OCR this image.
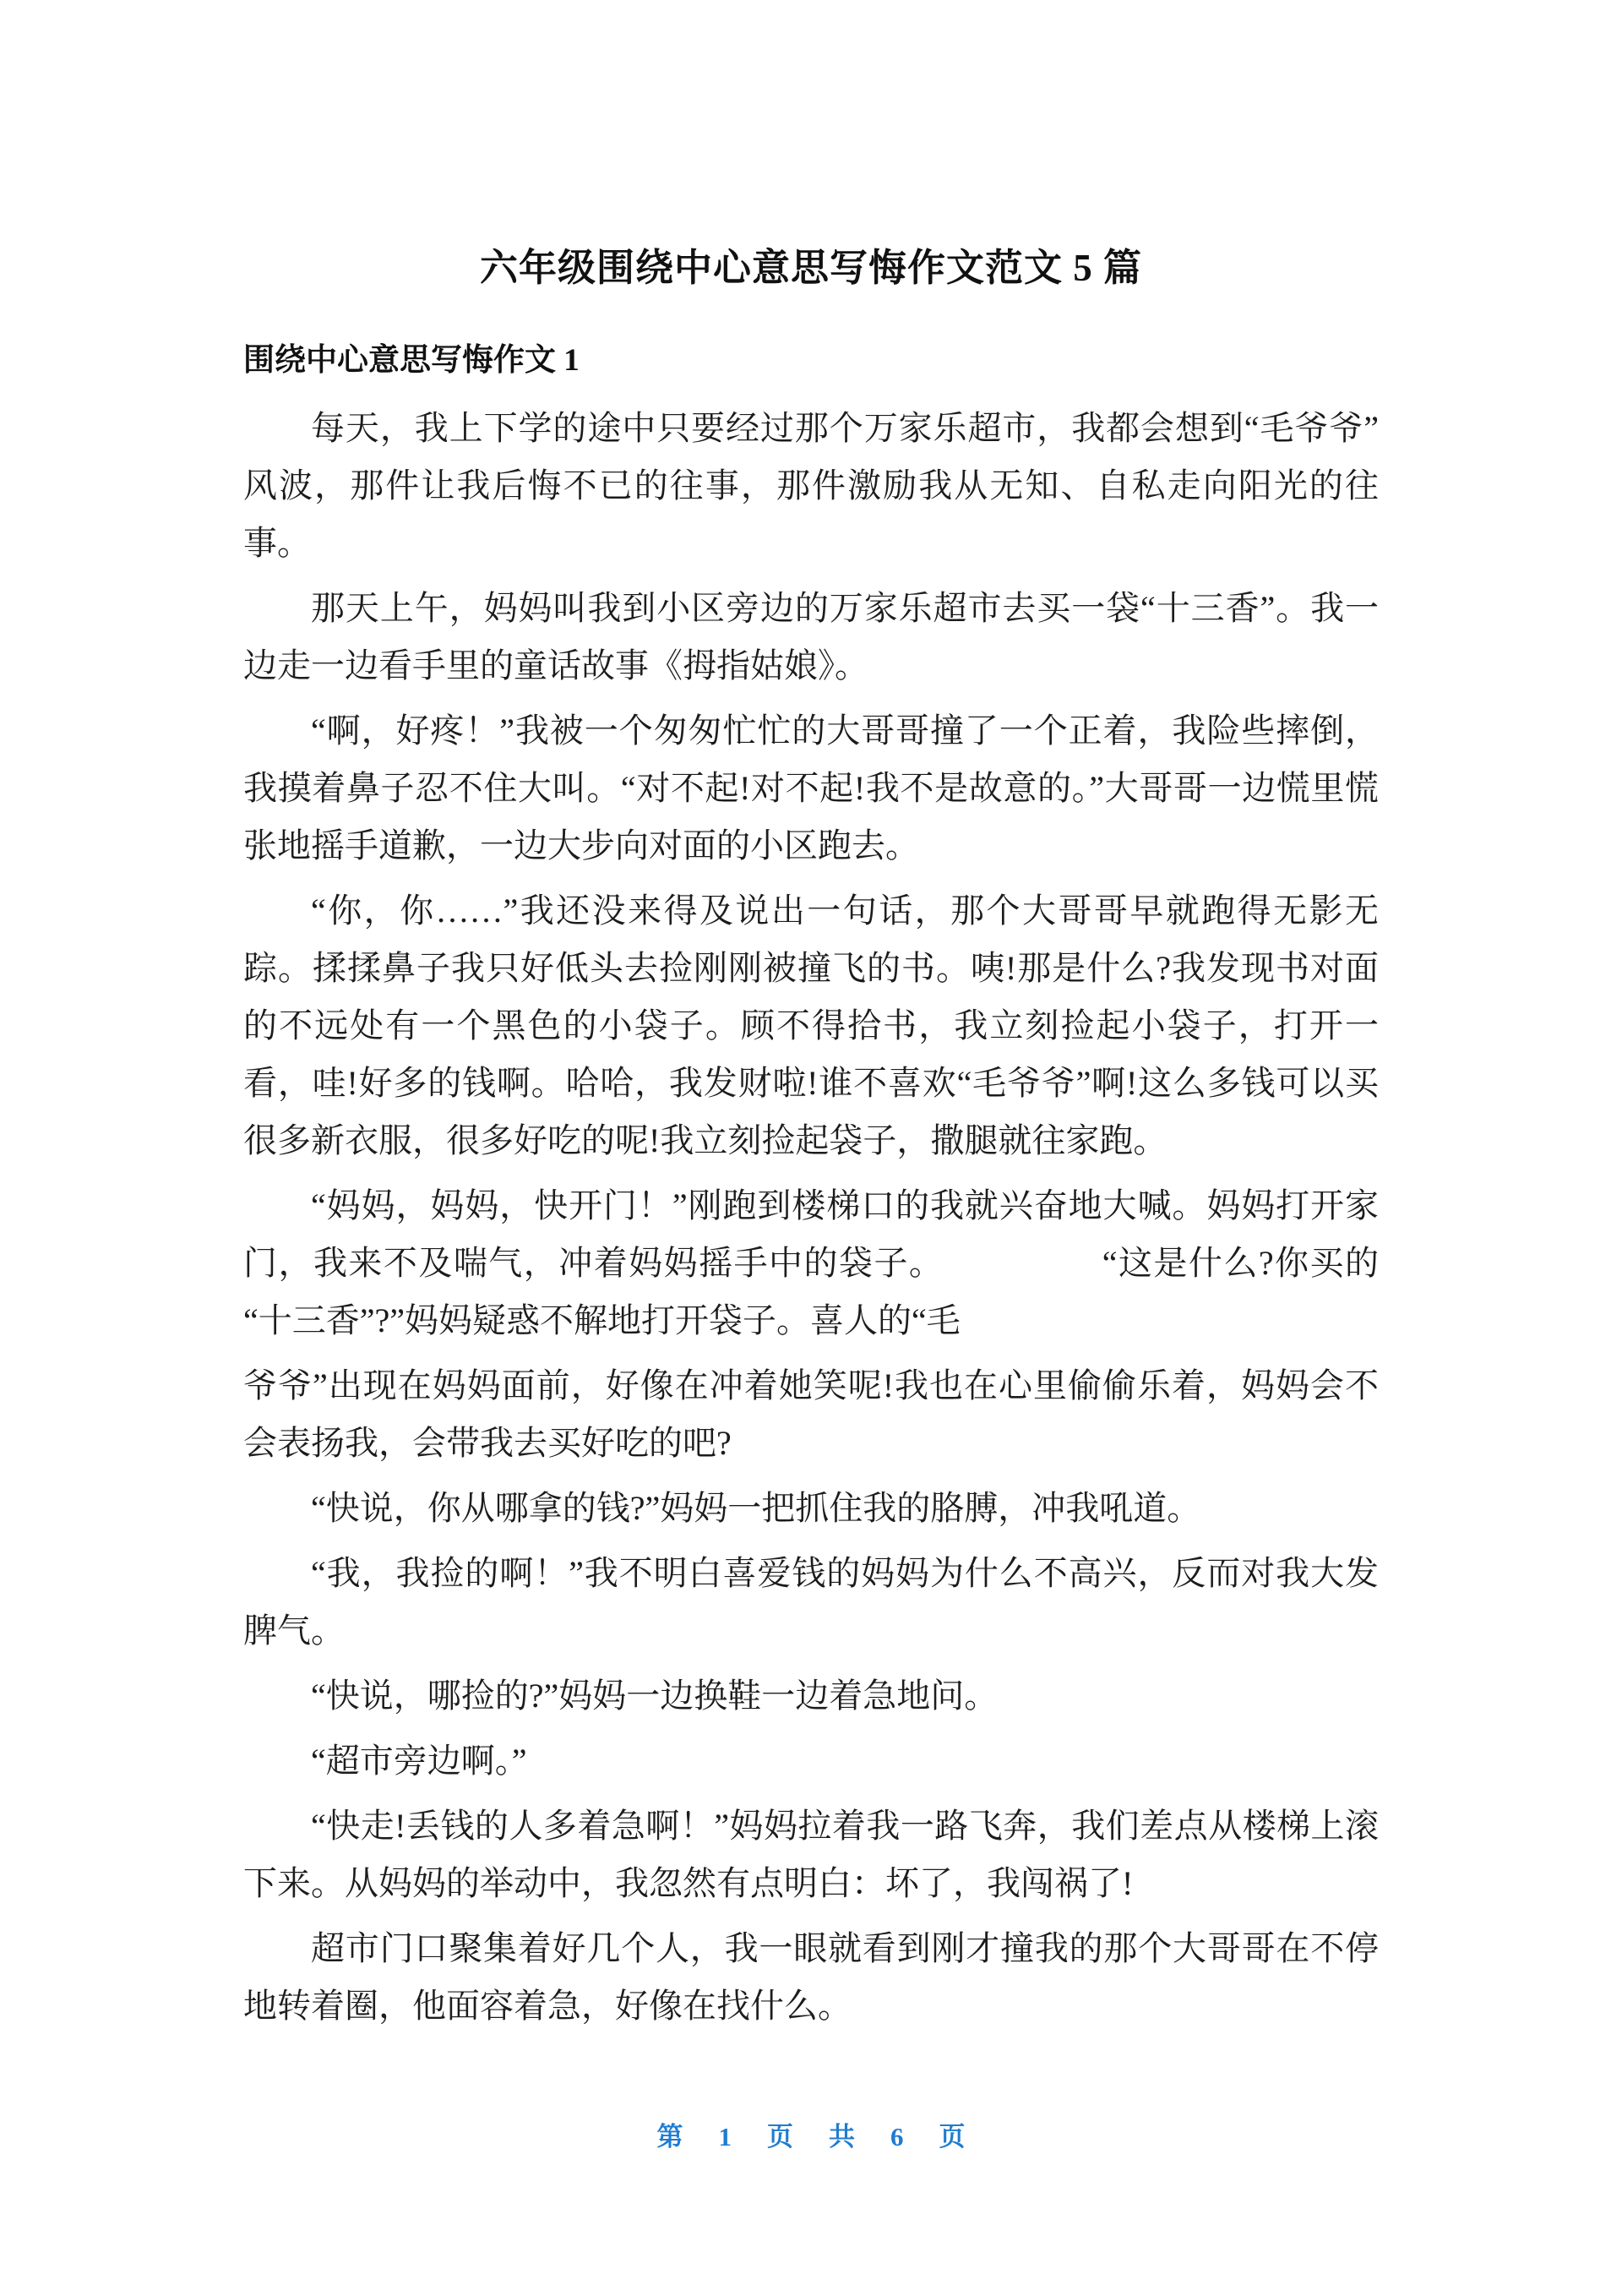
六年级围绕中心意思写悔作文范文 5 篇
围绕中心意思写悔作文 1

每天，我上下学的途中只要经过那个万家乐超市，我都会想到“毛爷爷”风波，那件让我后悔不已的往事，那件激励我从无知、自私走向阳光的往事。

那天上午，妈妈叫我到小区旁边的万家乐超市去买一袋“十三香”。我一边走一边看手里的童话故事《拇指姑娘》。

“啊，好疼！”我被一个匆匆忙忙的大哥哥撞了一个正着，我险些摔倒，我摸着鼻子忍不住大叫。“对不起!对不起!我不是故意的。”大哥哥一边慌里慌张地摇手道歉，一边大步向对面的小区跑去。

“你，你……”我还没来得及说出一句话，那个大哥哥早就跑得无影无踪。揉揉鼻子我只好低头去捡刚刚被撞飞的书。咦!那是什么?我发现书对面的不远处有一个黑色的小袋子。顾不得拾书，我立刻捡起小袋子，打开一看，哇!好多的钱啊。哈哈，我发财啦!谁不喜欢“毛爷爷”啊!这么多钱可以买很多新衣服，很多好吃的呢!我立刻捡起袋子，撒腿就往家跑。

“妈妈，妈妈，快开门！”刚跑到楼梯口的我就兴奋地大喊。妈妈打开家门，我来不及喘气，冲着妈妈摇手中的袋子。　　　　　“这是什么?你买的“十三香”?”妈妈疑惑不解地打开袋子。喜人的“毛

爷爷”出现在妈妈面前，好像在冲着她笑呢!我也在心里偷偷乐着，妈妈会不会表扬我，会带我去买好吃的吧?

“快说，你从哪拿的钱?”妈妈一把抓住我的胳膊，冲我吼道。

“我，我捡的啊！”我不明白喜爱钱的妈妈为什么不高兴，反而对我大发脾气。

“快说，哪捡的?”妈妈一边换鞋一边着急地问。

“超市旁边啊。”

“快走!丢钱的人多着急啊！”妈妈拉着我一路飞奔，我们差点从楼梯上滚下来。从妈妈的举动中，我忽然有点明白：坏了，我闯祸了!

超市门口聚集着好几个人，我一眼就看到刚才撞我的那个大哥哥在不停地转着圈，他面容着急，好像在找什么。

第 1 页 共 6 页
